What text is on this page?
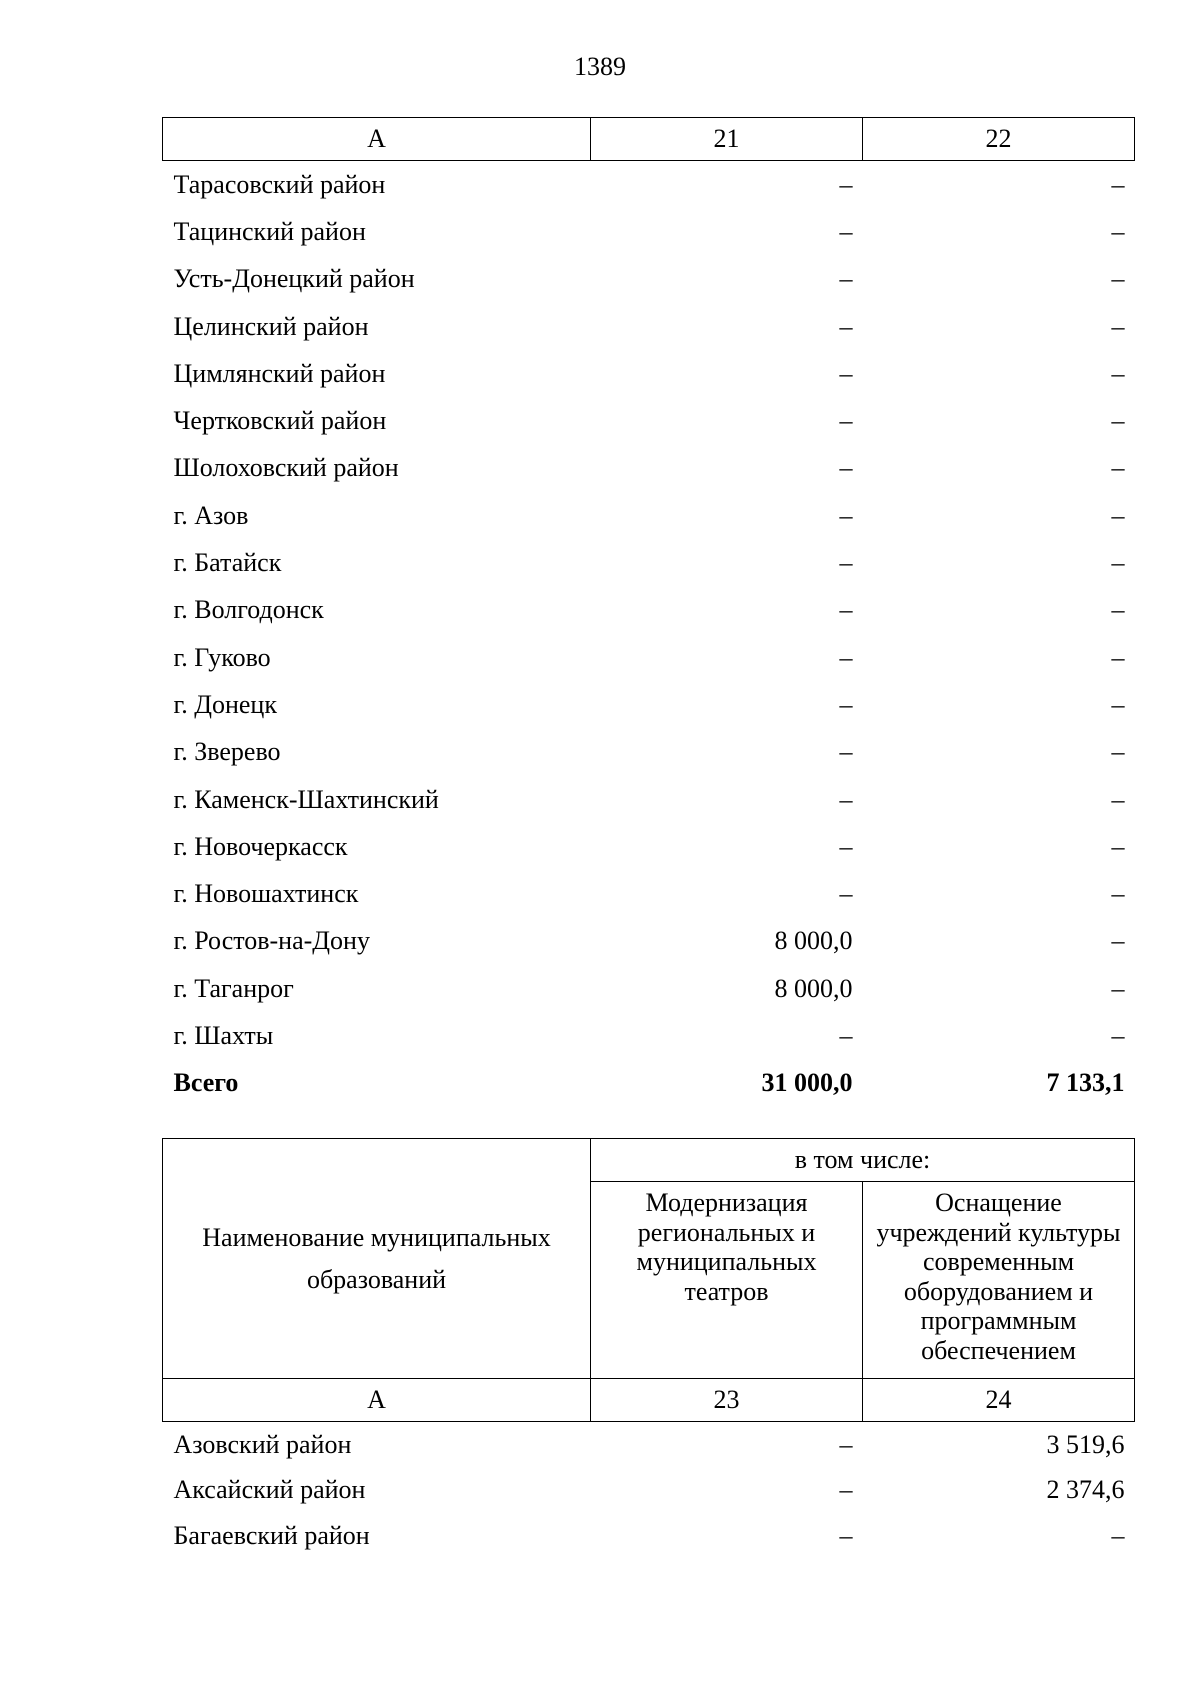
1389
А	21	22
Тарасовский район	–	–
Тацинский район	–	–
Усть-Донецкий район	–	–
Целинский район	–	–
Цимлянский район	–	–
Чертковский район	–	–
Шолоховский район	–	–
г. Азов	–	–
г. Батайск	–	–
г. Волгодонск	–	–
г. Гуково	–	–
г. Донецк	–	–
г. Зверево	–	–
г. Каменск-Шахтинский	–	–
г. Новочеркасск	–	–
г. Новошахтинск	–	–
г. Ростов-на-Дону	8 000,0	–
г. Таганрог	8 000,0	–
г. Шахты	–	–
Всего	31 000,0	7 133,1
Наименование муниципальных образований	в том числе:	
	Модернизация региональных и муниципальных театров	Оснащение учреждений культуры современным оборудованием и программным обеспечением
А	23	24
Азовский район	–	3 519,6
Аксайский район	–	2 374,6
Багаевский район	–	–
